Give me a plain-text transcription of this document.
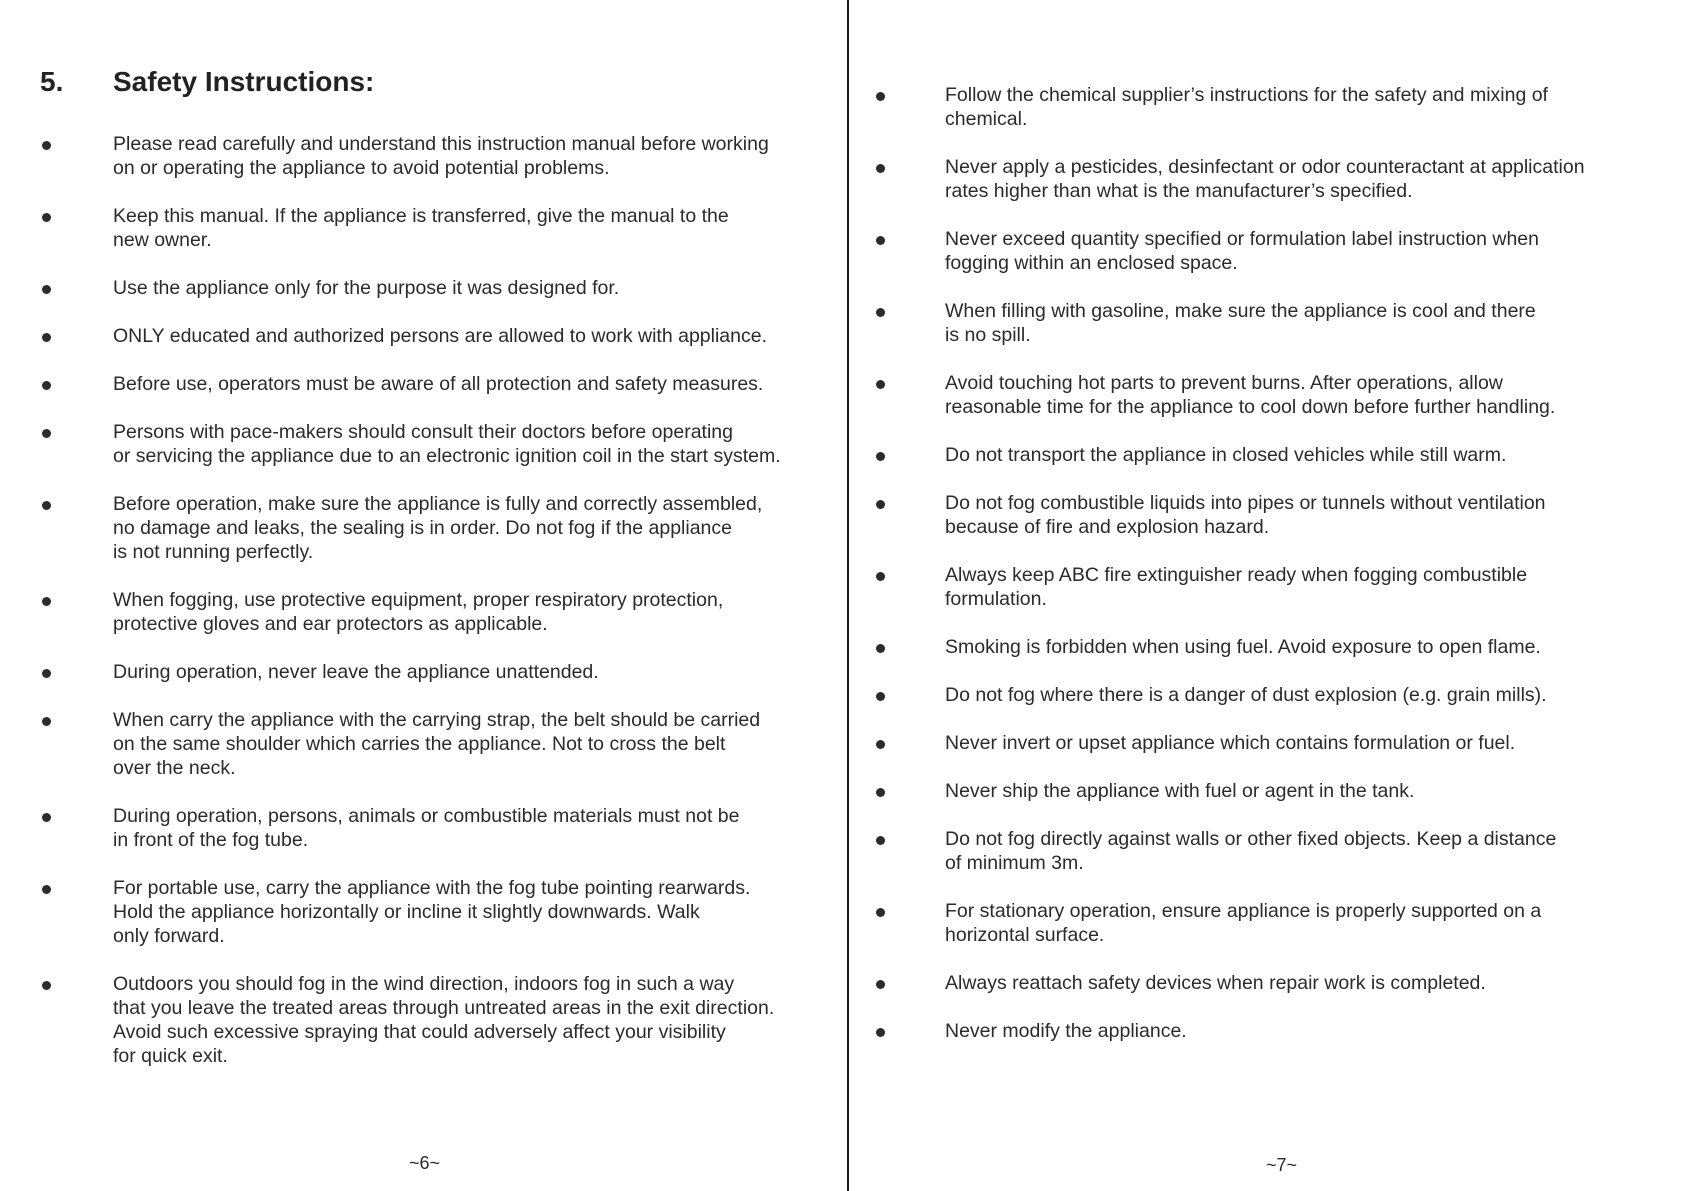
5. Safety Instructions:
Please read carefully and understand this instruction manual before working
on or operating the appliance to avoid potential problems.
Keep this manual. If the appliance is transferred, give the manual to the
new owner.
Use the appliance only for the purpose it was designed for.
ONLY educated and authorized persons are allowed to work with appliance.
Before use, operators must be aware of all protection and safety measures.
Persons with pace-makers should consult their doctors before operating
or servicing the appliance due to an electronic ignition coil in the start system.
Before operation, make sure the appliance is fully and correctly assembled,
no damage and leaks, the sealing is in order. Do not fog if the appliance
is not running perfectly.
When fogging, use protective equipment, proper respiratory protection,
protective gloves and ear protectors as applicable.
During operation, never leave the appliance unattended.
When carry the appliance with the carrying strap, the belt should be carried
on the same shoulder which carries the appliance. Not to cross the belt
over the neck.
During operation, persons, animals or combustible materials must not be
in front of the fog tube.
For portable use, carry the appliance with the fog tube pointing rearwards.
Hold the appliance horizontally or incline it slightly downwards. Walk
only forward.
Outdoors you should fog in the wind direction, indoors fog in such a way
that you leave the treated areas through untreated areas in the exit direction.
Avoid such excessive spraying that could adversely affect your visibility
for quick exit.
~6~
Follow the chemical supplier’s instructions for the safety and mixing of
chemical.
Never apply a pesticides, desinfectant or odor counteractant at application
rates higher than what is the manufacturer’s specified.
Never exceed quantity specified or formulation label instruction when
fogging within an enclosed space.
When filling with gasoline, make sure the appliance is cool and there
is no spill.
Avoid touching hot parts to prevent burns. After operations, allow
reasonable time for the appliance to cool down before further handling.
Do not transport the appliance in closed vehicles while still warm.
Do not fog combustible liquids into pipes or tunnels without ventilation
because of fire and explosion hazard.
Always keep ABC fire extinguisher ready when fogging combustible
formulation.
Smoking is forbidden when using fuel. Avoid exposure to open flame.
Do not fog where there is a danger of dust explosion (e.g. grain mills).
Never invert or upset appliance which contains formulation or fuel.
Never ship the appliance with fuel or agent in the tank.
Do not fog directly against walls or other fixed objects. Keep a distance
of minimum 3m.
For stationary operation, ensure appliance is properly supported on a
horizontal surface.
Always reattach safety devices when repair work is completed.
Never modify the appliance.
~7~
